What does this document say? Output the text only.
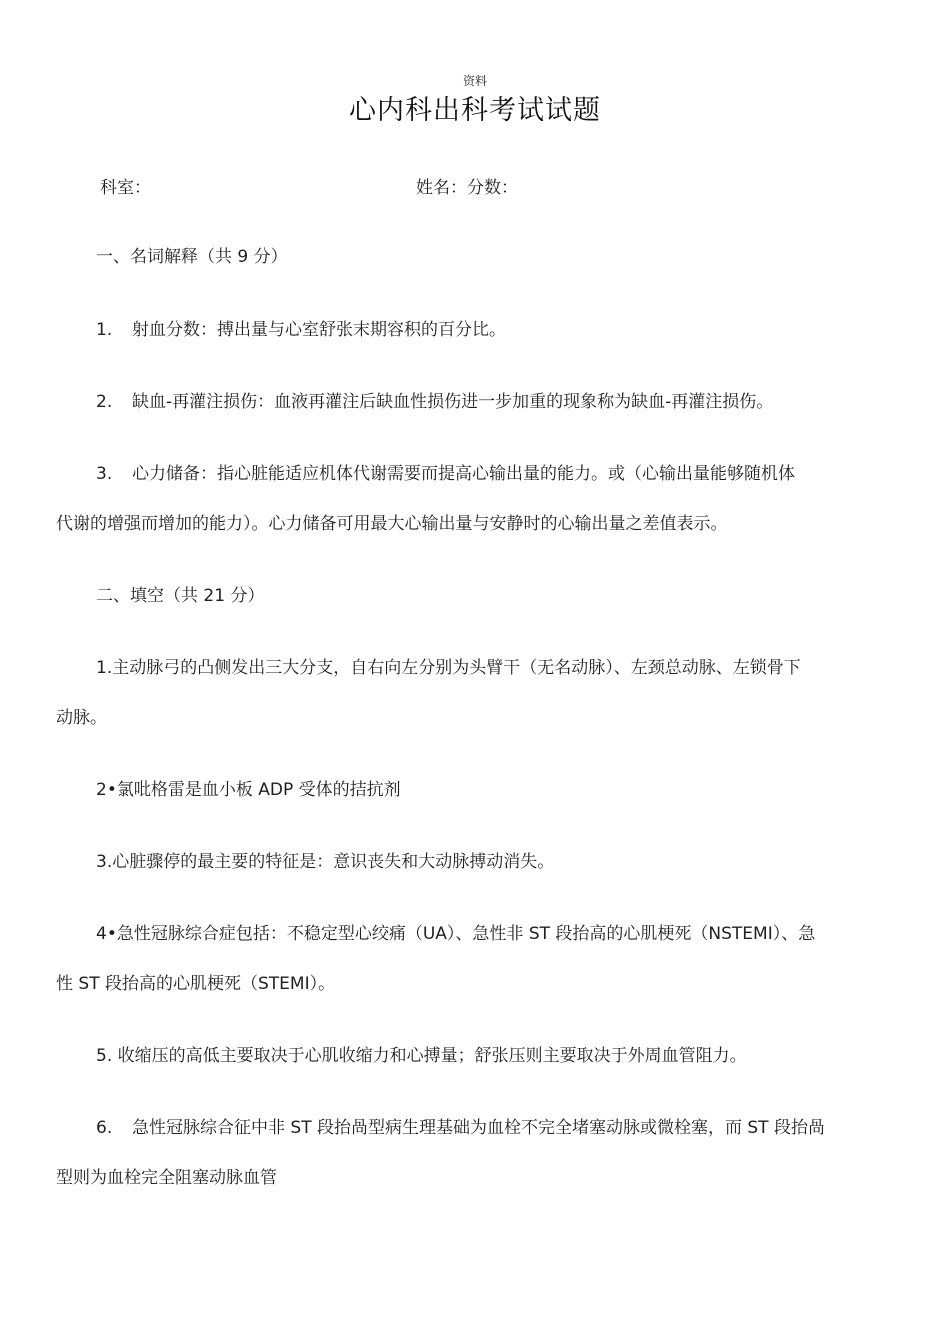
资料
心内科出科考试试题
科室：	姓名：分数：
一、名词解释（共 9 分）
1. 射血分数：搏出量与心室舒张末期容积的百分比。
2. 缺血-再灌注损伤：血液再灌注后缺血性损伤进一步加重的现象称为缺血-再灌注损伤。
3. 心力储备：指心脏能适应机体代谢需要而提高心输出量的能力。或（心输出量能够随机体
代谢的增强而增加的能力）。心力储备可用最大心输出量与安静时的心输出量之差值表示。
二、填空（共 21 分）
1.主动脉弓的凸侧发出三大分支，自右向左分别为头臂干（无名动脉）、左颈总动脉、左锁骨下
动脉。
2•氯吡格雷是血小板 ADP 受体的拮抗剂
3.心脏骤停的最主要的特征是：意识丧失和大动脉搏动消失。
4•急性冠脉综合症包括：不稳定型心绞痛（UA）、急性非 ST 段抬高的心肌梗死（NSTEMI）、急
性 ST 段抬高的心肌梗死（STEMI）。
5. 收缩压的高低主要取决于心肌收缩力和心搏量；舒张压则主要取决于外周血管阻力。
6. 急性冠脉综合征中非 ST 段抬咼型病生理基础为血栓不完全堵塞动脉或微栓塞，而 ST 段抬咼
型则为血栓完全阻塞动脉血管
